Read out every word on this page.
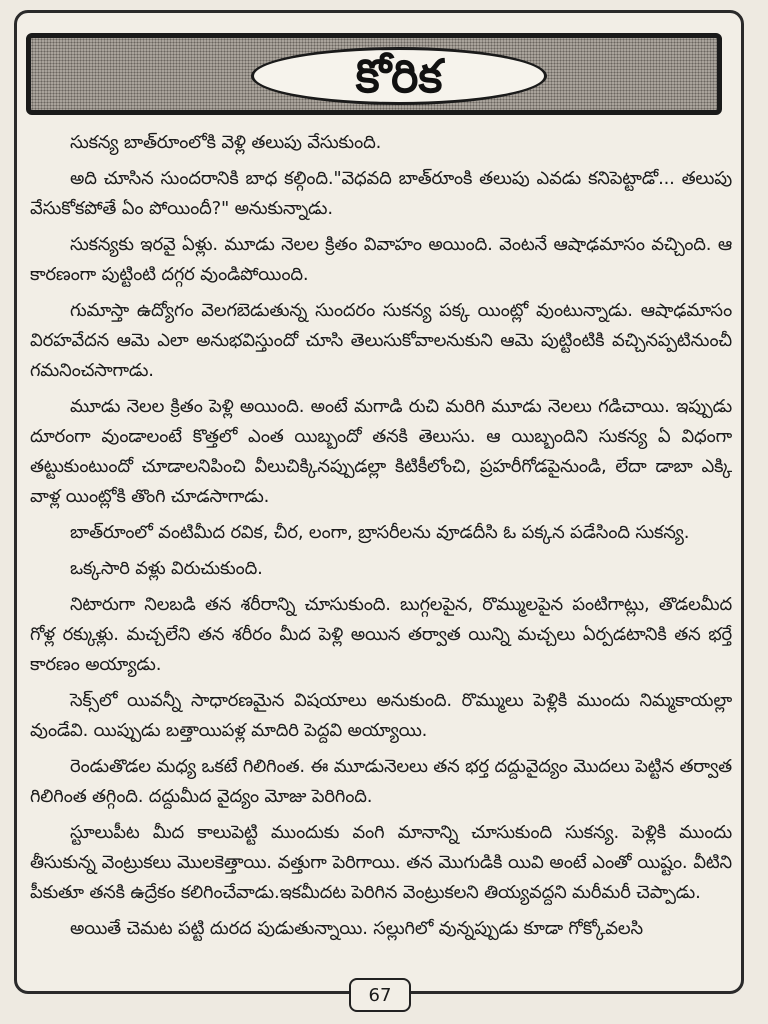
కోరిక

సుకన్య బాత్‌రూంలోకి వెళ్లి తలుపు వేసుకుంది.

అది చూసిన సుందరానికి బాధ కల్గింది."వెధవది బాత్‌రూంకి తలుపు ఎవడు కనిపెట్టాడో... తలుపు వేసుకోకపోతే ఏం పోయిందీ?" అనుకున్నాడు.

సుకన్యకు ఇరవై ఏళ్లు. మూడు నెలల క్రితం వివాహం అయింది. వెంటనే ఆషాఢమాసం వచ్చింది. ఆ కారణంగా పుట్టింటి దగ్గర వుండిపోయింది.

గుమాస్తా ఉద్యోగం వెలగబెడుతున్న సుందరం సుకన్య పక్క యింట్లో వుంటున్నాడు. ఆషాఢమాసం విరహవేదన ఆమె ఎలా అనుభవిస్తుందో చూసి తెలుసుకోవాలనుకుని ఆమె పుట్టింటికి వచ్చినప్పటినుంచీ గమనించసాగాడు.

మూడు నెలల క్రితం పెళ్లి అయింది. అంటే మగాడి రుచి మరిగి మూడు నెలలు గడిచాయి. ఇప్పుడు దూరంగా వుండాలంటే కొత్తలో ఎంత యిబ్బందో తనకి తెలుసు. ఆ యిబ్బందిని సుకన్య ఏ విధంగా తట్టుకుంటుందో చూడాలనిపించి వీలుచిక్కినప్పుడల్లా కిటికీలోంచి, ప్రహరీగోడపైనుండి, లేదా డాబా ఎక్కి వాళ్ల యింట్లోకి తొంగి చూడసాగాడు.

బాత్‌రూంలో వంటిమీద రవిక, చీర, లంగా, బ్రాసరీలను వూడదీసి ఓ పక్కన పడేసింది సుకన్య.

ఒక్కసారి వళ్లు విరుచుకుంది.

నిటారుగా నిలబడి తన శరీరాన్ని చూసుకుంది. బుగ్గలపైన, రొమ్ములపైన పంటిగాట్లు, తొడలమీద గోళ్ల రక్కుళ్లు. మచ్చలేని తన శరీరం మీద పెళ్లి అయిన తర్వాత యిన్ని మచ్చలు ఏర్పడటానికి తన భర్తే కారణం అయ్యాడు.

సెక్స్‌లో యివన్నీ సాధారణమైన విషయాలు అనుకుంది. రొమ్ములు పెళ్లికి ముందు నిమ్మకాయల్లా వుండేవి. యిప్పుడు బత్తాయిపళ్ల మాదిరి పెద్దవి అయ్యాయి.

రెండుతొడల మధ్య ఒకటే గిలిగింత. ఈ మూడునెలలు తన భర్త దద్దువైద్యం మొదలు పెట్టిన తర్వాత గిలిగింత తగ్గింది. దద్దుమీద వైద్యం మోజు పెరిగింది.

స్టూలుపీట మీద కాలుపెట్టి ముందుకు వంగి మానాన్ని చూసుకుంది సుకన్య. పెళ్లికి ముందు తీసుకున్న వెంట్రుకలు మొలకెత్తాయి. వత్తుగా పెరిగాయి. తన మొగుడికి యివి అంటే ఎంతో యిష్టం. వీటిని పీకుతూ తనకి ఉద్రేకం కలిగించేవాడు.ఇకమీదట పెరిగిన వెంట్రుకలని తియ్యవద్దని మరీమరీ చెప్పాడు.

అయితే చెమట పట్టి దురద పుడుతున్నాయి. సల్లుగిలో వున్నప్పుడు కూడా గోక్కోవలసి

67
